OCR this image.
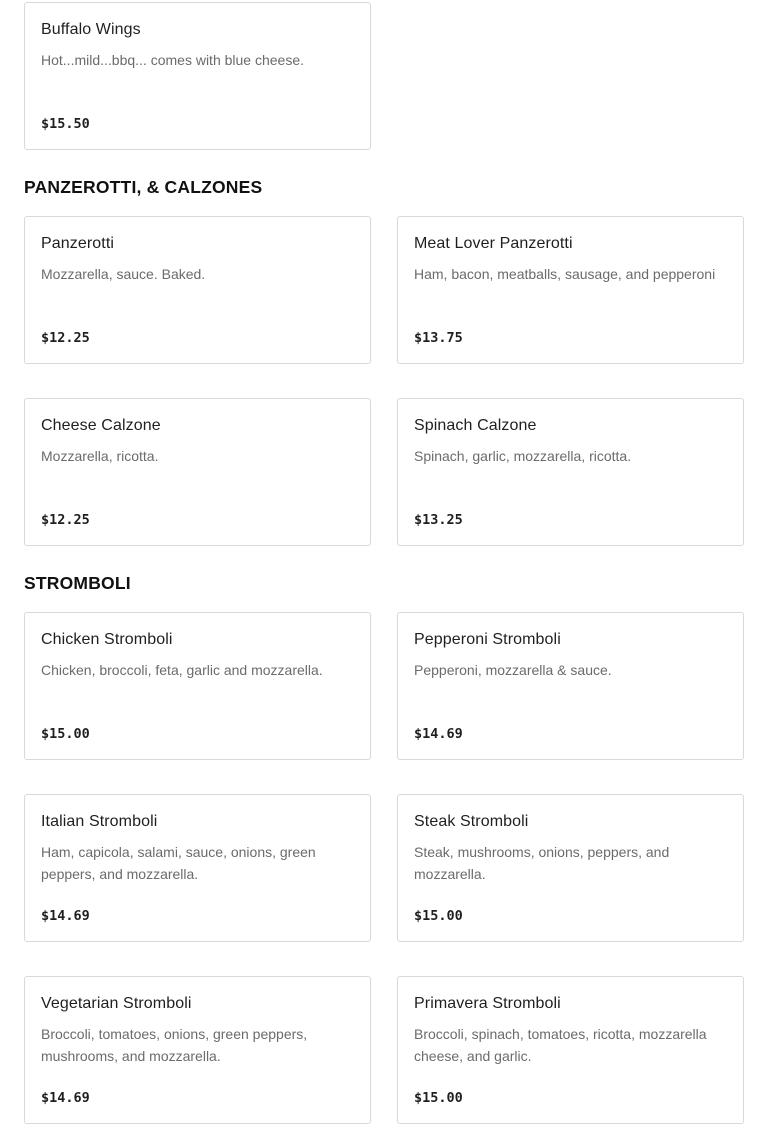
Buffalo Wings
Hot...mild...bbq... comes with blue cheese.
$15.50
PANZEROTTI, & CALZONES
Panzerotti
Mozzarella, sauce. Baked.
$12.25
Meat Lover Panzerotti
Ham, bacon, meatballs, sausage, and pepperoni
$13.75
Cheese Calzone
Mozzarella, ricotta.
$12.25
Spinach Calzone
Spinach, garlic, mozzarella, ricotta.
$13.25
STROMBOLI
Chicken Stromboli
Chicken, broccoli, feta, garlic and mozzarella.
$15.00
Pepperoni Stromboli
Pepperoni, mozzarella & sauce.
$14.69
Italian Stromboli
Ham, capicola, salami, sauce, onions, green peppers, and mozzarella.
$14.69
Steak Stromboli
Steak, mushrooms, onions, peppers, and mozzarella.
$15.00
Vegetarian Stromboli
Broccoli, tomatoes, onions, green peppers, mushrooms, and mozzarella.
$14.69
Primavera Stromboli
Broccoli, spinach, tomatoes, ricotta, mozzarella cheese, and garlic.
$15.00
